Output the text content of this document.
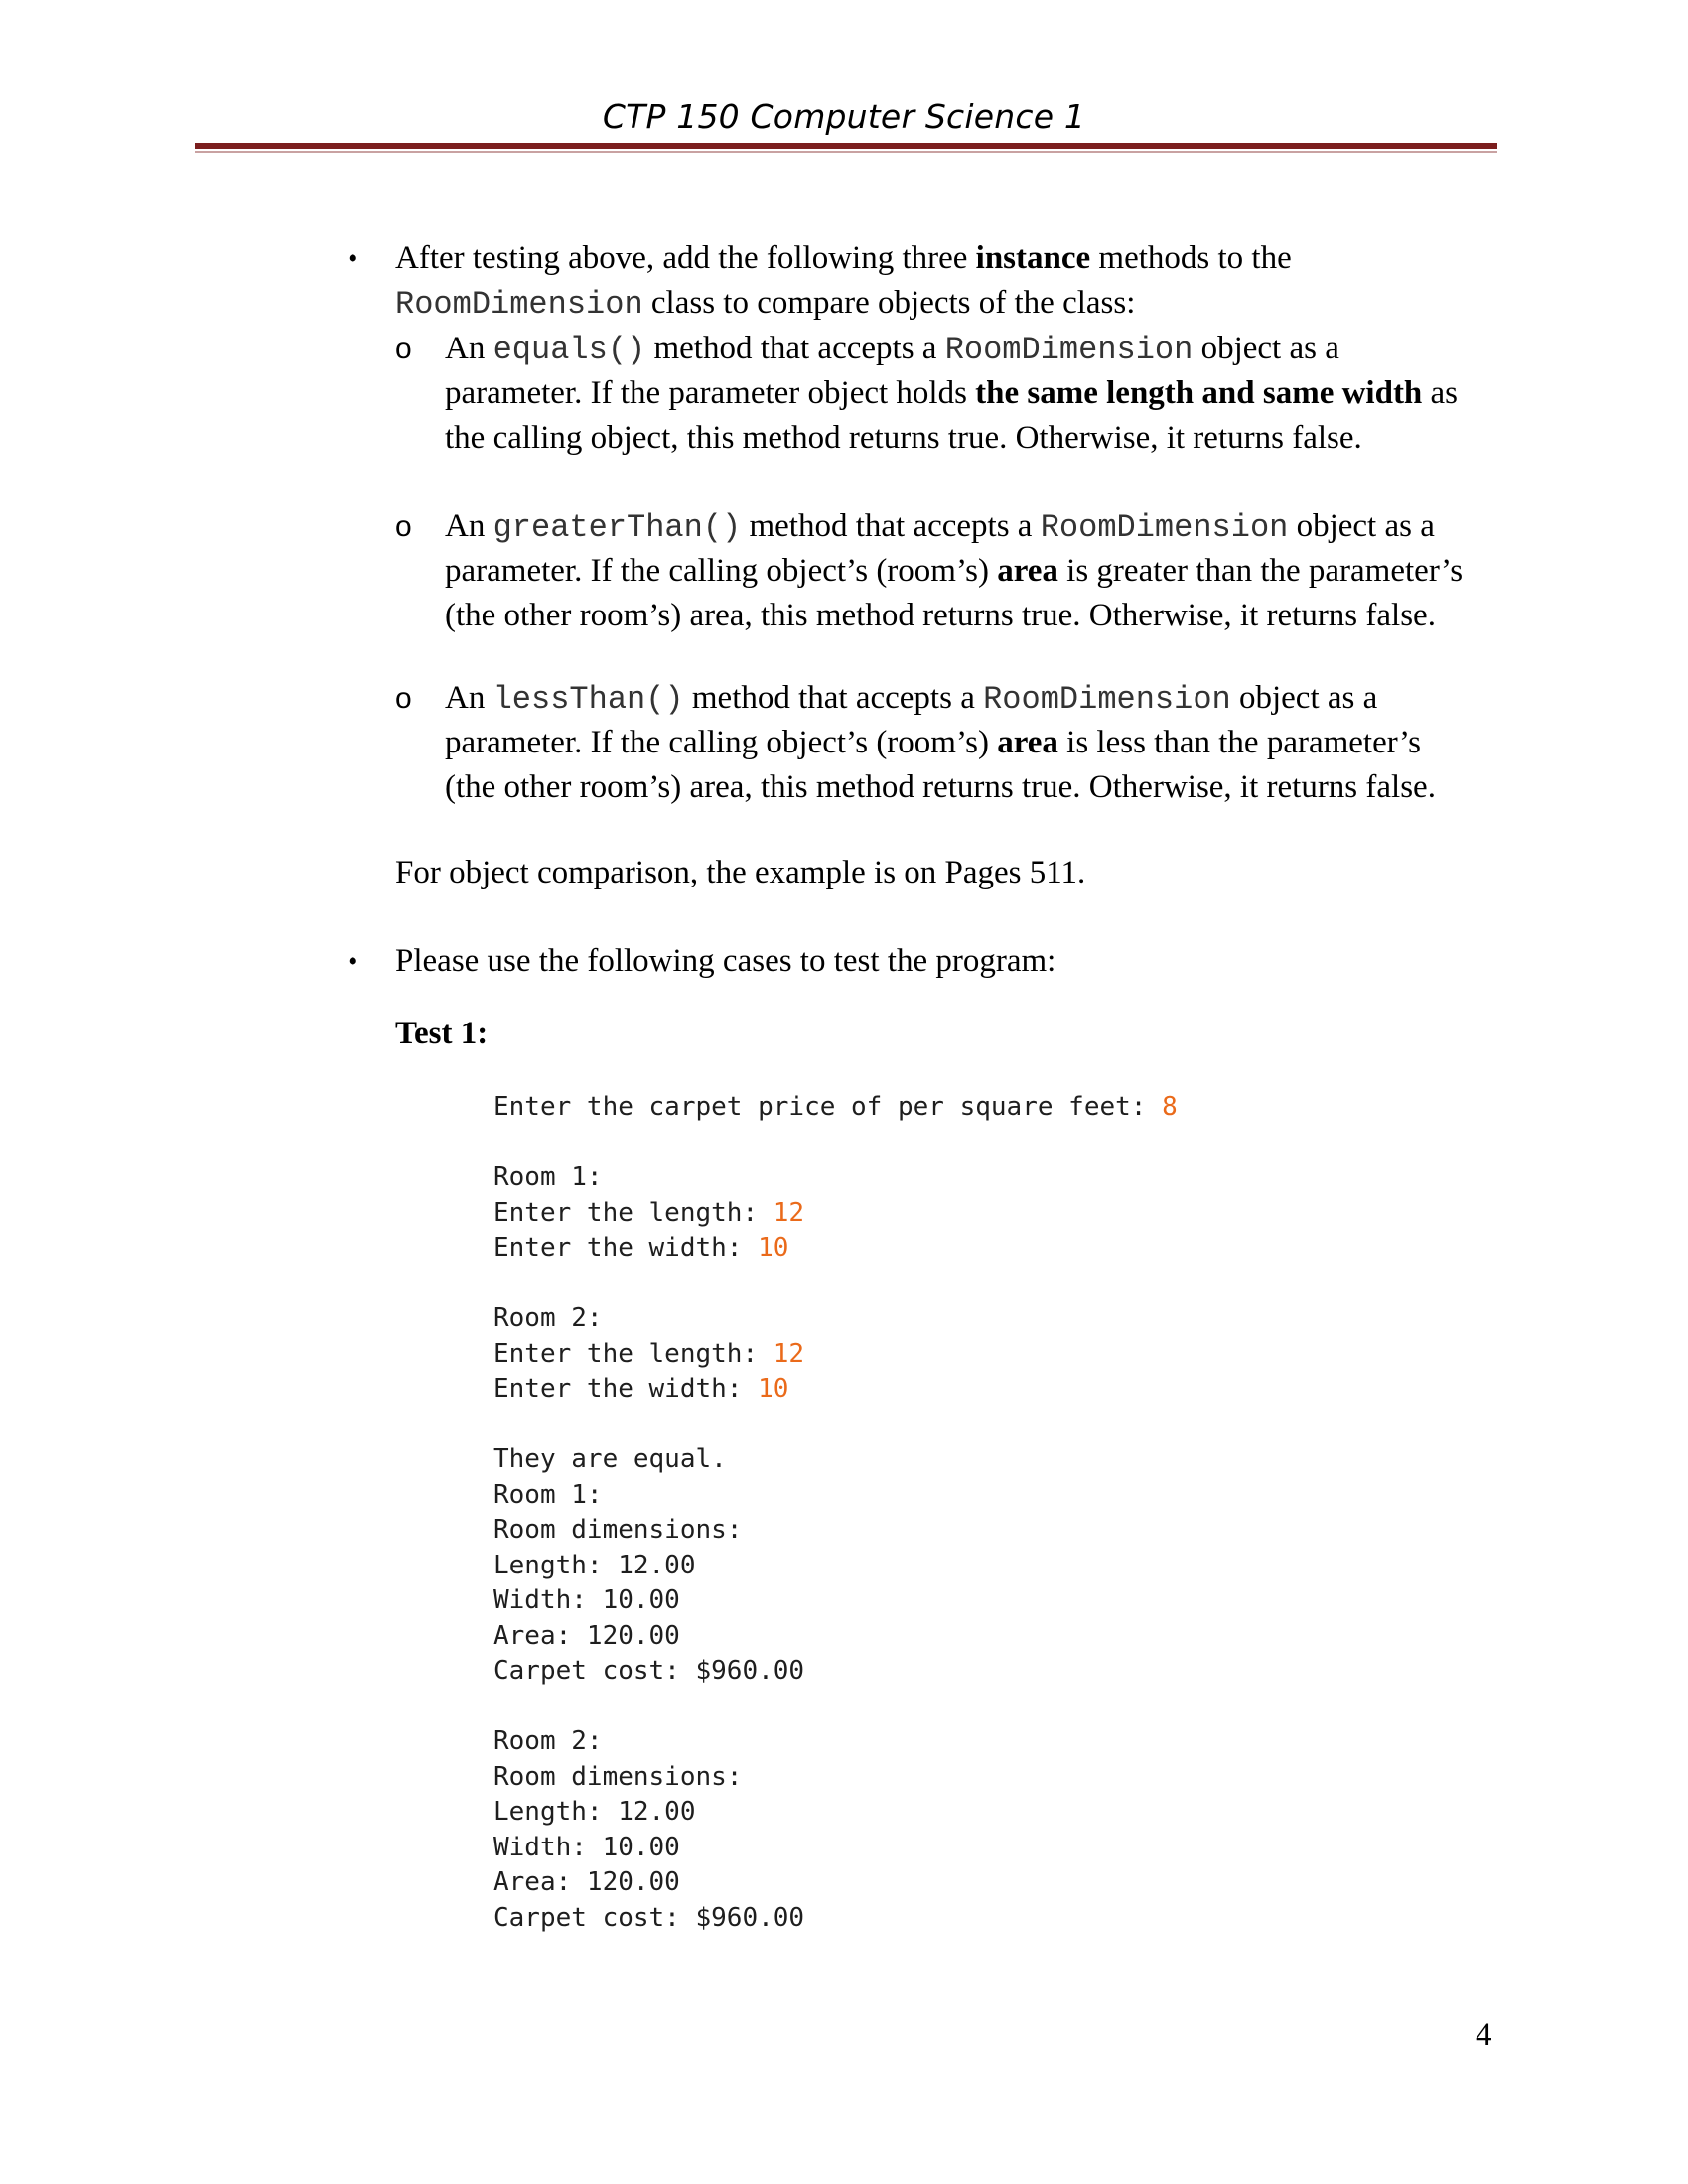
CTP 150 Computer Science 1
• After testing above, add the following three instance methods to the

RoomDimension class to compare objects of the class:

o An equals() method that accepts a RoomDimension object as a

parameter. If the parameter object holds the same length and same width as

the calling object, this method returns true. Otherwise, it returns false.

o An greaterThan() method that accepts a RoomDimension object as a

parameter. If the calling object’s (room’s) area is greater than the parameter’s

(the other room’s) area, this method returns true. Otherwise, it returns false.

o An lessThan() method that accepts a RoomDimension object as a

parameter. If the calling object’s (room’s) area is less than the parameter’s

(the other room’s) area, this method returns true. Otherwise, it returns false.

For object comparison, the example is on Pages 511.

• Please use the following cases to test the program:

Test 1:

Enter the carpet price of per square feet: 8
Room 1:
Enter the length: 12
Enter the width: 10
Room 2:
Enter the length: 12
Enter the width: 10
They are equal.
Room 1:
Room dimensions:
Length: 12.00
Width: 10.00
Area: 120.00
Carpet cost: $960.00
Room 2:
Room dimensions:
Length: 12.00
Width: 10.00
Area: 120.00
Carpet cost: $960.00
4
